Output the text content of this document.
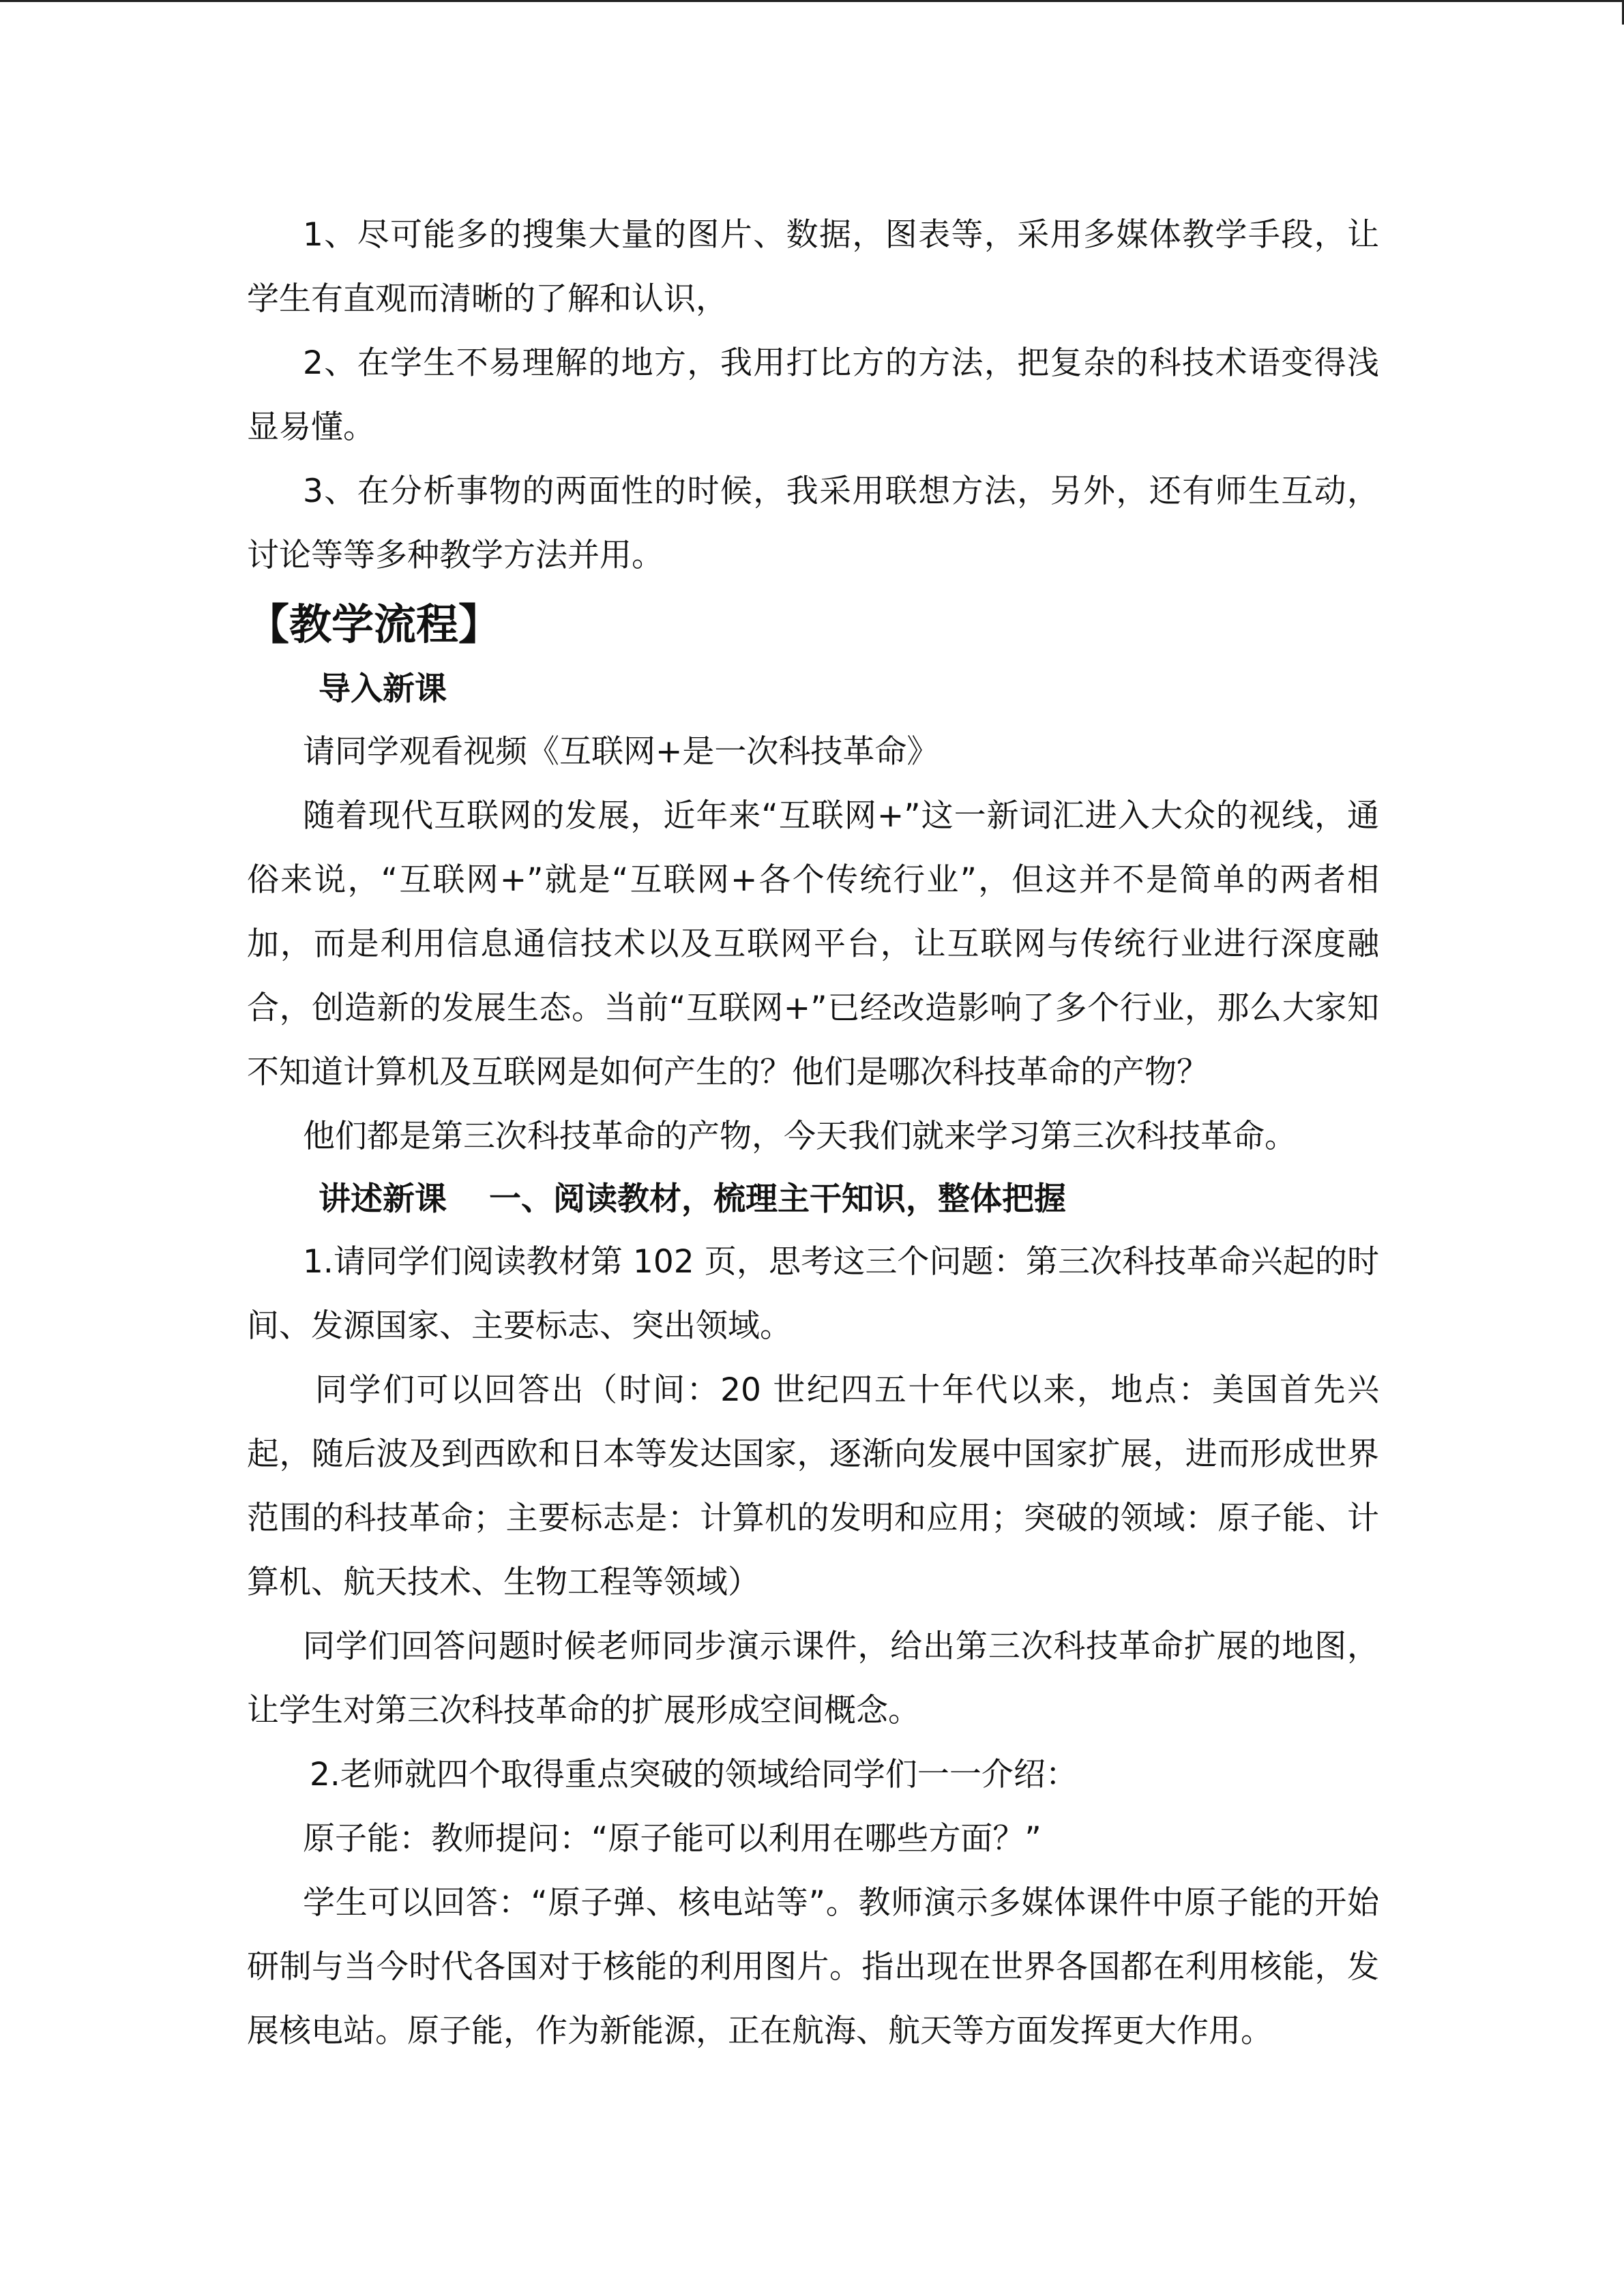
1、尽可能多的搜集大量的图片、数据，图表等，采用多媒体教学手段，让学生有直观而清晰的了解和认识，

2、在学生不易理解的地方，我用打比方的方法，把复杂的科技术语变得浅显易懂。

3、在分析事物的两面性的时候，我采用联想方法，另外，还有师生互动，讨论等等多种教学方法并用。

【教学流程】

导入新课

请同学观看视频《互联网+是一次科技革命》

随着现代互联网的发展，近年来“互联网+”这一新词汇进入大众的视线，通俗来说，“互联网+”就是“互联网+各个传统行业”，但这并不是简单的两者相加，而是利用信息通信技术以及互联网平台，让互联网与传统行业进行深度融合，创造新的发展生态。当前“互联网+”已经改造影响了多个行业，那么大家知不知道计算机及互联网是如何产生的？他们是哪次科技革命的产物？

他们都是第三次科技革命的产物，今天我们就来学习第三次科技革命。

讲述新课 一、阅读教材，梳理主干知识，整体把握

1.请同学们阅读教材第 102 页，思考这三个问题：第三次科技革命兴起的时间、发源国家、主要标志、突出领域。

同学们可以回答出（时间：20 世纪四五十年代以来，地点：美国首先兴起，随后波及到西欧和日本等发达国家，逐渐向发展中国家扩展，进而形成世界范围的科技革命；主要标志是：计算机的发明和应用；突破的领域：原子能、计算机、航天技术、生物工程等领域）

同学们回答问题时候老师同步演示课件，给出第三次科技革命扩展的地图，让学生对第三次科技革命的扩展形成空间概念。

2.老师就四个取得重点突破的领域给同学们一一介绍：

原子能：教师提问：“原子能可以利用在哪些方面？”

学生可以回答：“原子弹、核电站等”。教师演示多媒体课件中原子能的开始研制与当今时代各国对于核能的利用图片。指出现在世界各国都在利用核能，发展核电站。原子能，作为新能源，正在航海、航天等方面发挥更大作用。
